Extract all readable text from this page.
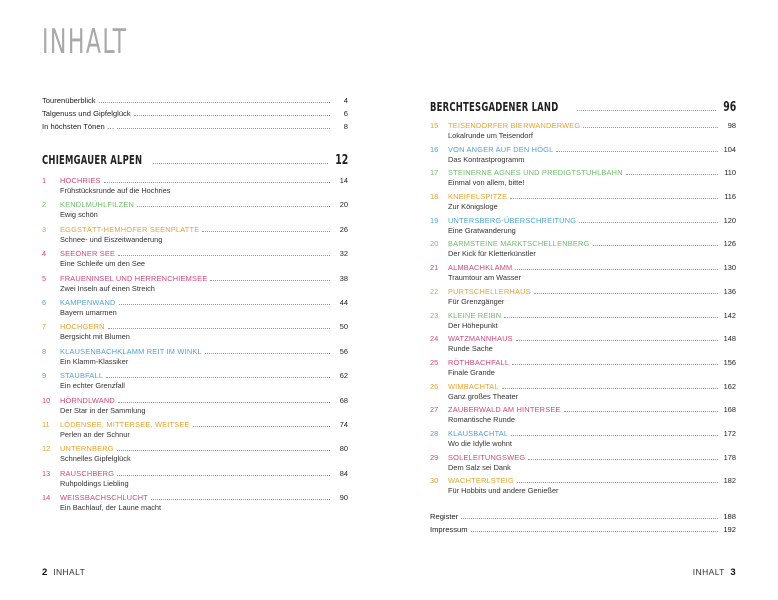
INHALT
Tourenüberblick	4
Talgenuss und Gipfelglück	6
In höchsten Tönen …	8
CHIEMGAUER ALPEN	12
1	HOCHRIES	14
Frühstücksrunde auf die Hochries
2	KENDLMÜHLFILZEN	20
Ewig schön
3	EGGSTÄTT-HEMHOFER SEENPLATTE	26
Schnee- und Eiszeitwanderung
4	SEEONER SEE	32
Eine Schleife um den See
5	FRAUENINSEL UND HERRENCHIEMSEE	38
Zwei Inseln auf einen Streich
6	KAMPENWAND	44
Bayern umarmen
7	HOCHGERN	50
Bergsicht mit Blumen
8	KLAUSENBACHKLAMM REIT IM WINKL	56
Ein Klamm-Klassiker
9	STAUBFALL	62
Ein echter Grenzfall
10	HÖRNDLWAND	68
Der Star in der Sammlung
11	LÖDENSEE, MITTERSEE, WEITSEE	74
Perlen an der Schnur
12	UNTERNBERG	80
Schnelles Gipfelglück
13	RAUSCHBERG	84
Ruhpoldings Liebling
14	WEISSBACHSCHLUCHT	90
Ein Bachlauf, der Laune macht
BERCHTESGADENER LAND	96
15	TEISENDORFER BIERWANDERWEG	98
Lokalrunde um Teisendorf
16	VON ANGER AUF DEN HÖGL	104
Das Kontrastprogramm
17	STEINERNE AGNES UND PREDIGTSTUHLBAHN	110
Einmal von allem, bitte!
18	KNEIFELSPITZE	116
Zur Königsloge
19	UNTERSBERG-ÜBERSCHREITUNG	120
Eine Gratwanderung
20	BARMSTEINE MARKTSCHELLENBERG	126
Der Kick für Kletterkünstler
21	ALMBACHKLAMM	130
Traumtour am Wasser
22	PURTSCHELLERHAUS	136
Für Grenzgänger
23	KLEINE REIBN	142
Der Höhepunkt
24	WATZMANNHAUS	148
Runde Sache
25	RÖTHBACHFALL	156
Finale Grande
26	WIMBACHTAL	162
Ganz großes Theater
27	ZAUBERWALD AM HINTERSEE	168
Romantische Runde
28	KLAUSBACHTAL	172
Wo die Idylle wohnt
29	SOLELEITUNGSWEG	178
Dem Salz sei Dank
30	WACHTERLSTEIG	182
Für Hobbits und andere Genießer
Register	188
Impressum	192
2 INHALT	INHALT 3
